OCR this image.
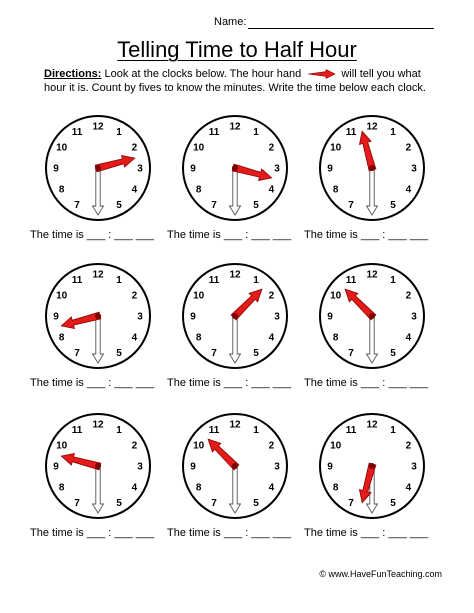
Name:
Telling Time to Half Hour
Directions: Look at the clocks below. The hour hand	will tell you what hour it is. Count by fives to know the minutes. Write the time below each clock.
12
1
2
3
4
5
7
8
9
10
11
The time is ___ : ___ ___
12
1
2
3
4
5
7
8
9
10
11
The time is ___ : ___ ___
12
1
2
3
4
5
7
8
9
10
11
The time is ___ : ___ ___
12
1
2
3
4
5
7
8
9
10
11
The time is ___ : ___ ___
12
1
2
3
4
5
7
8
9
10
11
The time is ___ : ___ ___
12
1
2
3
4
5
7
8
9
10
11
The time is ___ : ___ ___
12
1
2
3
4
5
7
8
9
10
11
The time is ___ : ___ ___
12
1
2
3
4
5
7
8
9
10
11
The time is ___ : ___ ___
12
1
2
3
4
5
7
8
9
10
11
The time is ___ : ___ ___
© www.HaveFunTeaching.com
